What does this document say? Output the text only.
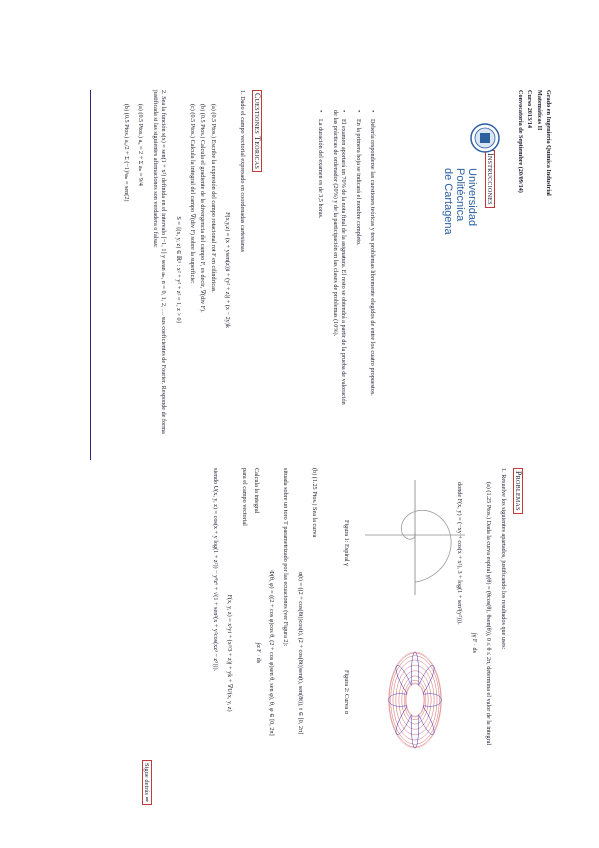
Grado en Ingeniería Química Industrial

Matemáticas II

Curso 2013/14

Convocatoria de Septiembre (20/09/14)

Instrucciones

Universidad
Politécnica
de Cartagena

•Debería responderse las cuestiones teóricas y tres problemas libremente elegidos de entre los cuatro propuestos.

•En la primera hoja se indicará el nombre completo.

•El examen aportará un 70% de la nota final de la asignatura. El resto se obtendrá a partir de la prueba de valoración de las prácticas de ordenador (20%) y de la participación en las clases de problemas (10%).

•La duración del examen es de 3,5 horas.

Cuestiones Teóricas

1. Dado el campo vectorial expresado en coordenadas cartesianas

F(x,y,z) = (x + ysen(z))i + (y² + z)j + (x − 2y)k

(a) (0.5 Ptos.) Escribe la expresión del campo rotacional rot F en cilíndricas.

(b) (0.5 Ptos.) Calcula el gradiente de la divergencia del campo F, es decir, ∇(div F).

(c) (0.5 Ptos.) Calcula la integral del campo ∇(div F) sobre la superficie:

S = {(x, y, z) ∈ ℝ³ : x² + y² + z² = 1, z > 0}

2. Sea la función s(x) = sen(1 + x²) definida en el intervalo [−1, 1] y sean aₙ, n = 0, 1, 2, … sus coeficientes de Fourier. Responde de forma justificada si las siguientes afirmaciones son verdadera o falsas:

(a) (0.5 Ptos.) a₀ = 2 + Σ aₙ = 9/4

(b) (0.5 Ptos.) a₀/2 + Σ (−1)ⁿaₙ = sen(2)

Problemas

1. Resuelve los siguientes apartados, justificando los resultados que uses:

(a) (1.25 Ptos.) Dada la curva espiral γ(θ) = (θcos(θ), θsen(θ)), 0 ≤ θ ≤ 2π, determina el valor de la integral

∫γ F · ds

donde F(x, y) = (−xy + cos(x + x²), 3 + log(1 + sen²(y²))).

Figura 1: Espiral γ
Figura 2: Curva α

(b) (1.25 Ptos.) Sea la curva

α(t) = ((2 + cos(8t))cos(t), (2 + cos(8t))sen(t), sen(8t)), t ∈ [0, 2π]

situada sobre un toro T parametrizado por las ecuaciones (ver Figura 2):

Φ(θ, φ) = ((2 + cos φ)cos θ, (2 + cos φ)sen θ, sen φ), θ, φ ∈ [0, 2π]

Calcula la integral

∫α F · ds

para el campo vectorial

F(x, y, z) = x²yi + (x³/3 + z)j + yk + ∇U(x, y, z)

siendo U(x, y, z) = cos(x + y log(1 + z²)) − y⁸z⁶ + √(1 + sen²(x + y²cos(xz³ − z⁵))).

Sigue detrás ⇒
